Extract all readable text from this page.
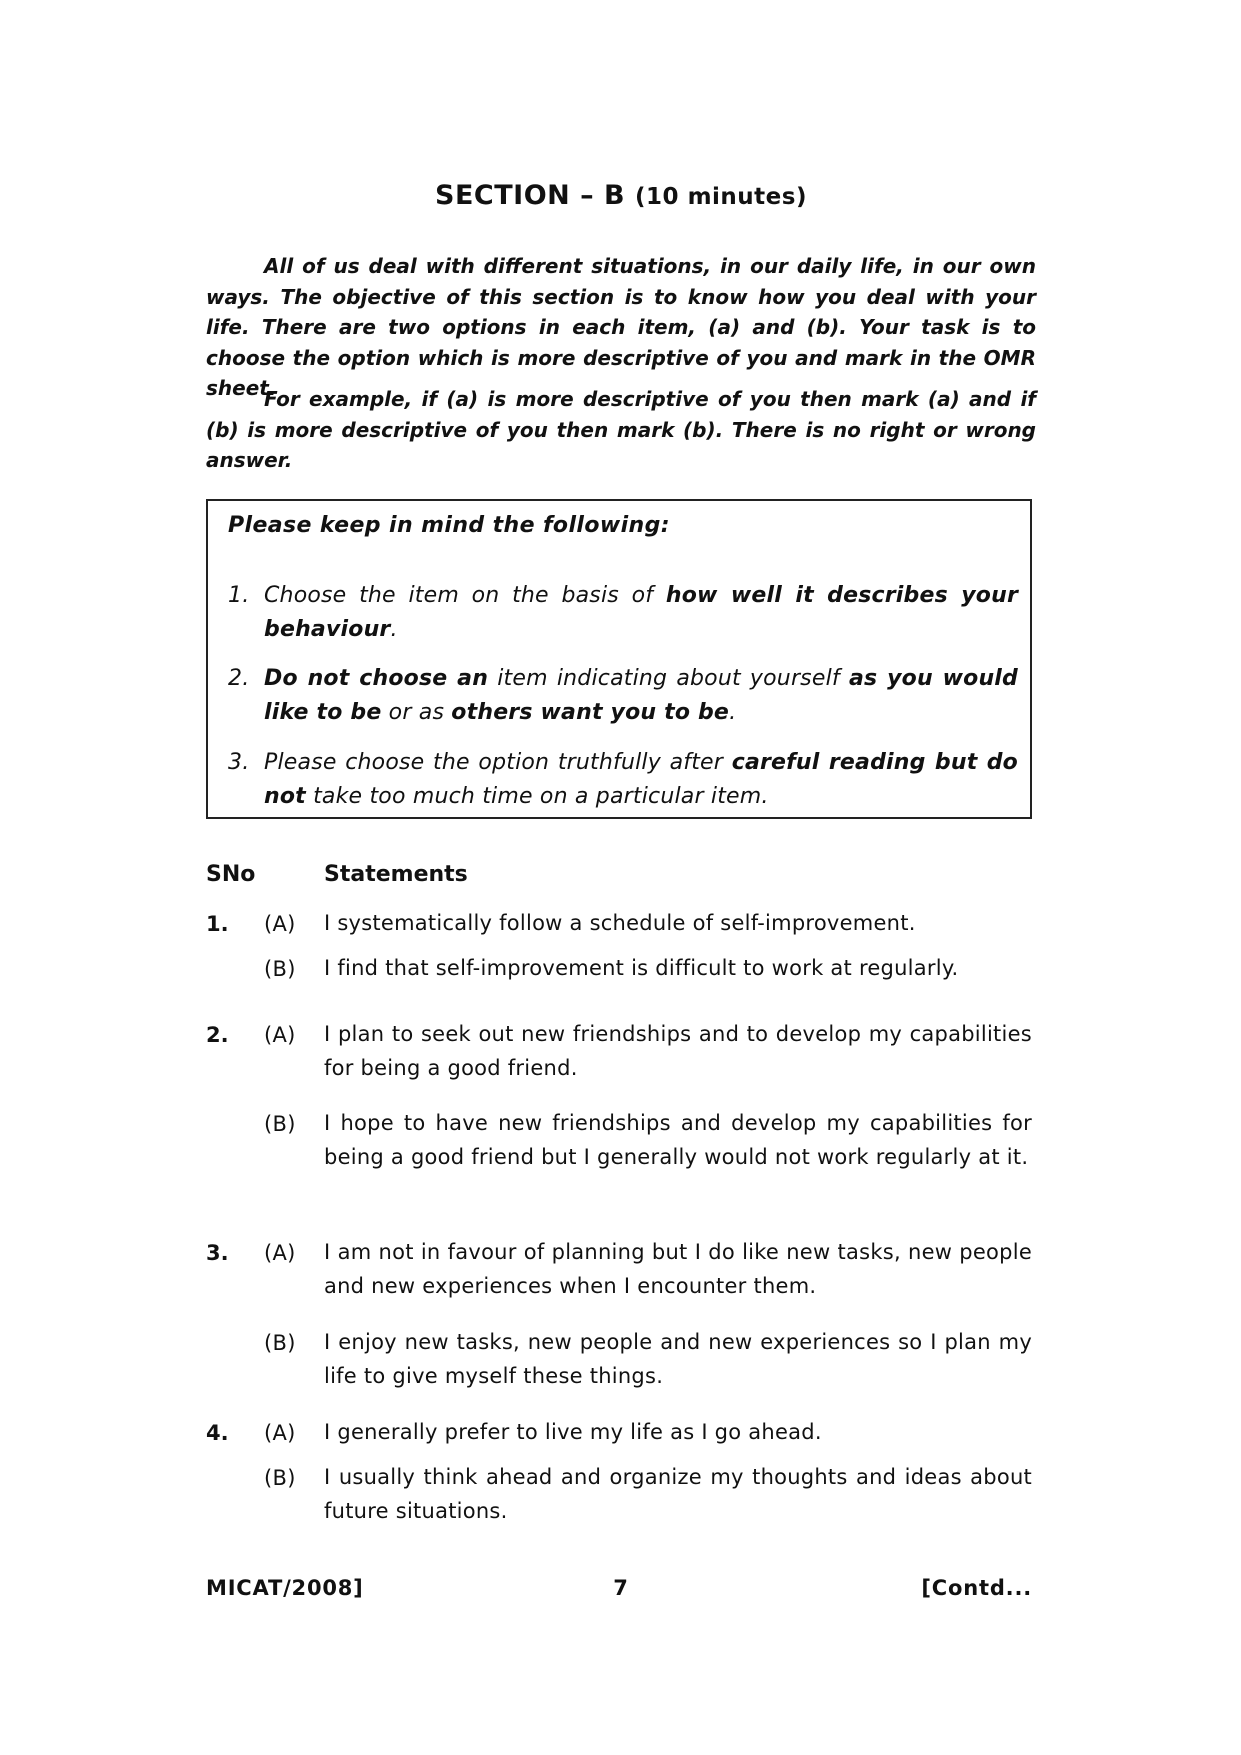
SECTION – B (10 minutes)

All of us deal with different situations, in our daily life, in our own ways. The objective of this section is to know how you deal with your life. There are two options in each item, (a) and (b). Your task is to choose the option which is more descriptive of you and mark in the OMR sheet.

For example, if (a) is more descriptive of you then mark (a) and if (b) is more descriptive of you then mark (b). There is no right or wrong answer.

Please keep in mind the following:
1. Choose the item on the basis of how well it describes your behaviour.
2. Do not choose an item indicating about yourself as you would like to be or as others want you to be.
3. Please choose the option truthfully after careful reading but do not take too much time on a particular item.
SNo	Statements
1. (A) I systematically follow a schedule of self-improvement.
(B) I find that self-improvement is difficult to work at regularly.
2. (A) I plan to seek out new friendships and to develop my capabilities for being a good friend.
(B) I hope to have new friendships and develop my capabilities for being a good friend but I generally would not work regularly at it.
3. (A) I am not in favour of planning but I do like new tasks, new people and new experiences when I encounter them.
(B) I enjoy new tasks, new people and new experiences so I plan my life to give myself these things.
4. (A) I generally prefer to live my life as I go ahead.
(B) I usually think ahead and organize my thoughts and ideas about future situations.
MICAT/2008]	7	[Contd...
